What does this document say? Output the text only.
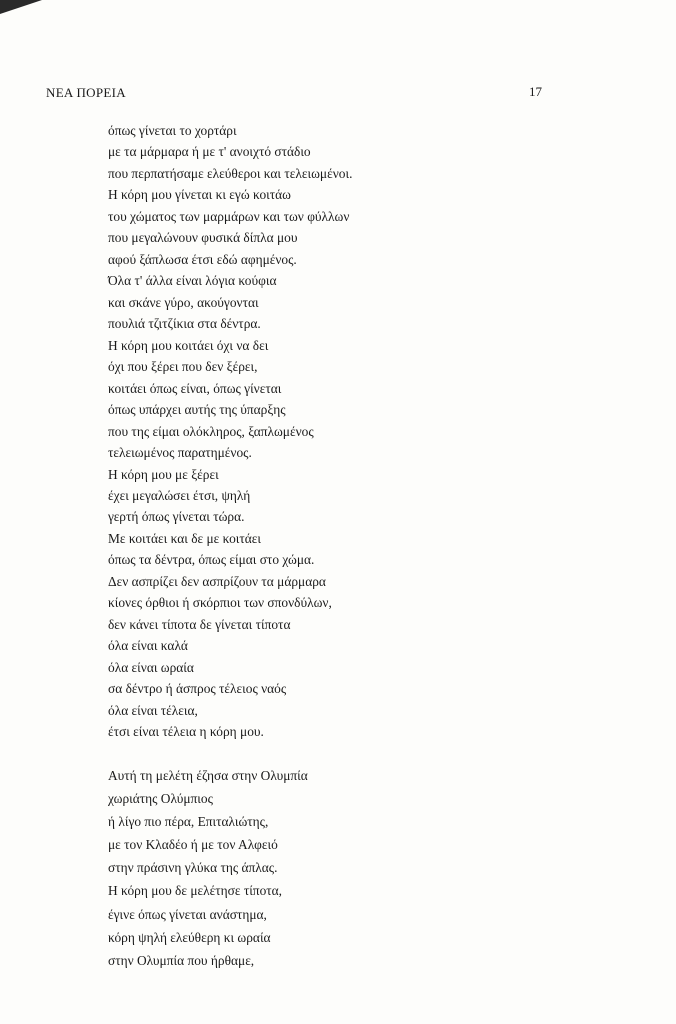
ΝΕΑ ΠΟΡΕΙΑ	17
όπως γίνεται το χορτάρι
με τα μάρμαρα ή με τ' ανοιχτό στάδιο
που περπατήσαμε ελεύθεροι και τελειωμένοι.
Η κόρη μου γίνεται κι εγώ κοιτάω
του χώματος των μαρμάρων και των φύλλων
που μεγαλώνουν φυσικά δίπλα μου
αφού ξάπλωσα έτσι εδώ αφημένος.
Όλα τ' άλλα είναι λόγια κούφια
και σκάνε γύρο, ακούγονται
πουλιά τζιτζίκια στα δέντρα.
Η κόρη μου κοιτάει όχι να δει
όχι που ξέρει που δεν ξέρει,
κοιτάει όπως είναι, όπως γίνεται
όπως υπάρχει αυτής της ύπαρξης
που της είμαι ολόκληρος, ξαπλωμένος
τελειωμένος παρατημένος.
Η κόρη μου με ξέρει
έχει μεγαλώσει έτσι, ψηλή
γερτή όπως γίνεται τώρα.
Με κοιτάει και δε με κοιτάει
όπως τα δέντρα, όπως είμαι στο χώμα.
Δεν ασπρίζει δεν ασπρίζουν τα μάρμαρα
κίονες όρθιοι ή σκόρπιοι των σπονδύλων,
δεν κάνει τίποτα δε γίνεται τίποτα
όλα είναι καλά
όλα είναι ωραία
σα δέντρο ή άσπρος τέλειος ναός
όλα είναι τέλεια,
έτσι είναι τέλεια η κόρη μου.
Αυτή τη μελέτη έζησα στην Ολυμπία
χωριάτης Ολύμπιος
ή λίγο πιο πέρα, Επιταλιώτης,
με τον Κλαδέο ή με τον Αλφειό
στην πράσινη γλύκα της άπλας.
Η κόρη μου δε μελέτησε τίποτα,
έγινε όπως γίνεται ανάστημα,
κόρη ψηλή ελεύθερη κι ωραία
στην Ολυμπία που ήρθαμε,
